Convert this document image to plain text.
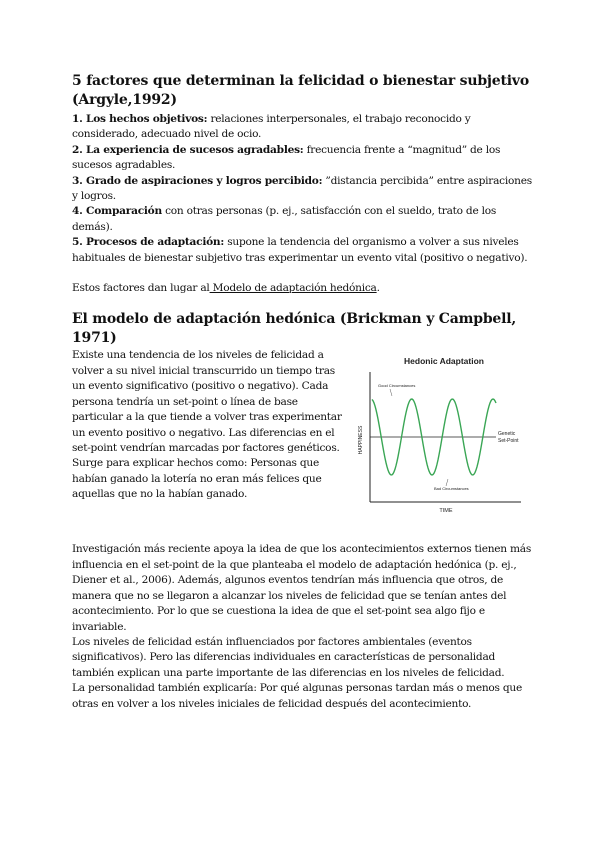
5 factores que determinan la felicidad o bienestar subjetivo (Argyle,1992)

1. Los hechos objetivos: relaciones interpersonales, el trabajo reconocido y considerado, adecuado nivel de ocio.

2. La experiencia de sucesos agradables: frecuencia frente a “magnitud” de los sucesos agradables.

3. Grado de aspiraciones y logros percibido: ”distancia percibida” entre aspiraciones y logros.

4. Comparación con otras personas (p. ej., satisfacción con el sueldo, trato de los demás).

5. Procesos de adaptación: supone la tendencia del organismo a volver a sus niveles habituales de bienestar subjetivo tras experimentar un evento vital (positivo o negativo).

Estos factores dan lugar al Modelo de adaptación hedónica.

El modelo de adaptación hedónica (Brickman y Campbell, 1971)

Existe una tendencia de los niveles de felicidad a volver a su nivel inicial transcurrido un tiempo tras un evento significativo (positivo o negativo). Cada persona tendría un set-point o línea de base particular a la que tiende a volver tras experimentar un evento positivo o negativo. Las diferencias en el set-point vendrían marcadas por factores genéticos.

Surge para explicar hechos como: Personas que habían ganado la lotería no eran más felices que aquellas que no la habían ganado.

Hedonic Adaptation
HAPPINESS
TIME
Genetic
Set-Point
Good Circumstances
Bad Circumstances

Investigación más reciente apoya la idea de que los acontecimientos externos tienen más influencia en el set-point de la que planteaba el modelo de adaptación hedónica (p. ej., Diener et al., 2006). Además, algunos eventos tendrían más influencia que otros, de manera que no se llegaron a alcanzar los niveles de felicidad que se tenían antes del acontecimiento. Por lo que se cuestiona la idea de que el set-point sea algo fijo e invariable.

Los niveles de felicidad están influenciados por factores ambientales (eventos significativos). Pero las diferencias individuales en características de personalidad también explican una parte importante de las diferencias en los niveles de felicidad.

La personalidad también explicaría: Por qué algunas personas tardan más o menos que otras en volver a los niveles iniciales de felicidad después del acontecimiento.
